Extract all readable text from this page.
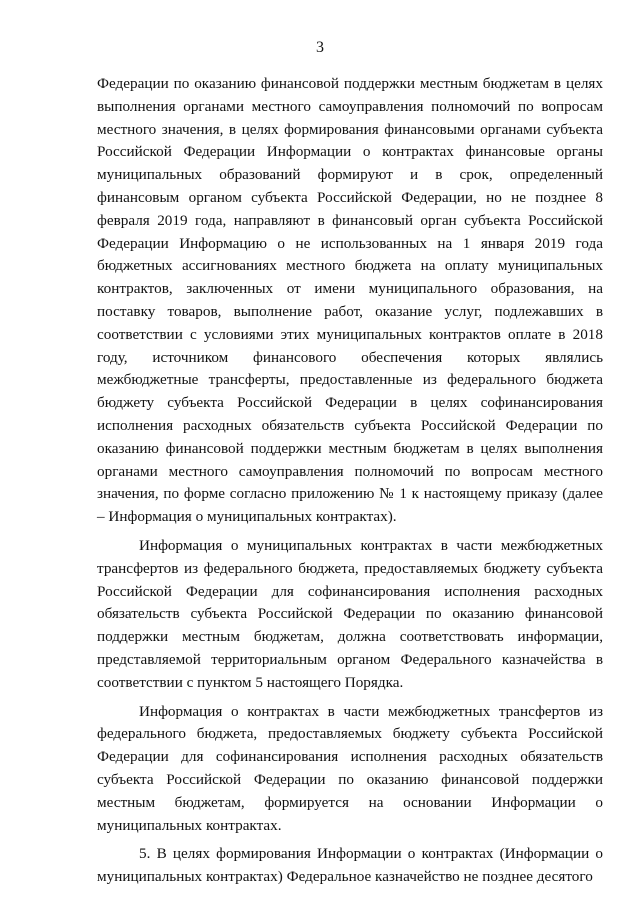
3

Федерации по оказанию финансовой поддержки местным бюджетам в целях выполнения органами местного самоуправления полномочий по вопросам местного значения, в целях формирования финансовыми органами субъекта Российской Федерации Информации о контрактах финансовые органы муниципальных образований формируют и в срок, определенный финансовым органом субъекта Российской Федерации, но не позднее 8 февраля 2019 года, направляют в финансовый орган субъекта Российской Федерации Информацию о не использованных на 1 января 2019 года бюджетных ассигнованиях местного бюджета на оплату муниципальных контрактов, заключенных от имени муниципального образования, на поставку товаров, выполнение работ, оказание услуг, подлежавших в соответствии с условиями этих муниципальных контрактов оплате в 2018 году, источником финансового обеспечения которых являлись межбюджетные трансферты, предоставленные из федерального бюджета бюджету субъекта Российской Федерации в целях софинансирования исполнения расходных обязательств субъекта Российской Федерации по оказанию финансовой поддержки местным бюджетам в целях выполнения органами местного самоуправления полномочий по вопросам местного значения, по форме согласно приложению № 1 к настоящему приказу (далее – Информация о муниципальных контрактах).

Информация о муниципальных контрактах в части межбюджетных трансфертов из федерального бюджета, предоставляемых бюджету субъекта Российской Федерации для софинансирования исполнения расходных обязательств субъекта Российской Федерации по оказанию финансовой поддержки местным бюджетам, должна соответствовать информации, представляемой территориальным органом Федерального казначейства в соответствии с пунктом 5 настоящего Порядка.

Информация о контрактах в части межбюджетных трансфертов из федерального бюджета, предоставляемых бюджету субъекта Российской Федерации для софинансирования исполнения расходных обязательств субъекта Российской Федерации по оказанию финансовой поддержки местным бюджетам, формируется на основании Информации о муниципальных контрактах.

5. В целях формирования Информации о контрактах (Информации о муниципальных контрактах) Федеральное казначейство не позднее десятого
